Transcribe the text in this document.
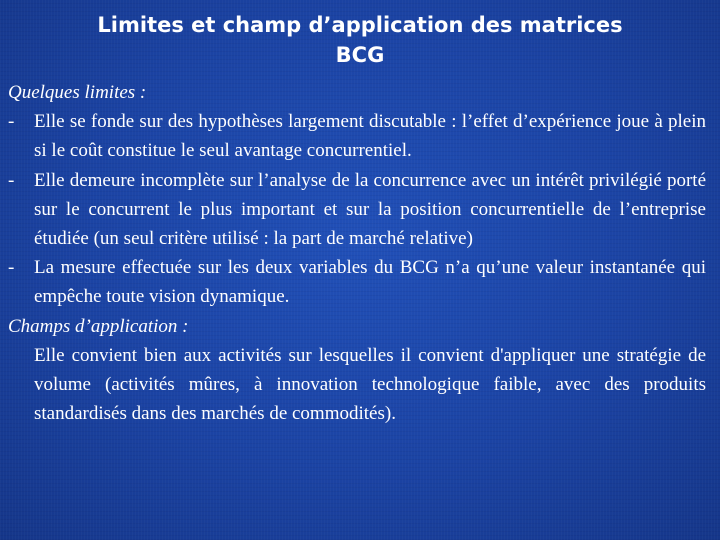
Limites et champ d’application des matrices
BCG

Quelques limites :

- Elle se fonde sur des hypothèses largement discutable : l’effet d’expérience joue à plein si le coût constitue le seul avantage concurrentiel.

- Elle demeure incomplète sur l’analyse de la concurrence avec un intérêt privilégié porté sur le concurrent le plus important et sur la position concurrentielle de l’entreprise étudiée (un seul critère utilisé : la part de marché relative)

- La mesure effectuée sur les deux variables du BCG n’a qu’une valeur instantanée qui empêche toute vision dynamique.

Champs d’application :

Elle convient bien aux activités sur lesquelles il convient d'appliquer une stratégie de volume (activités mûres, à innovation technologique faible, avec des produits standardisés dans des marchés de commodités).
